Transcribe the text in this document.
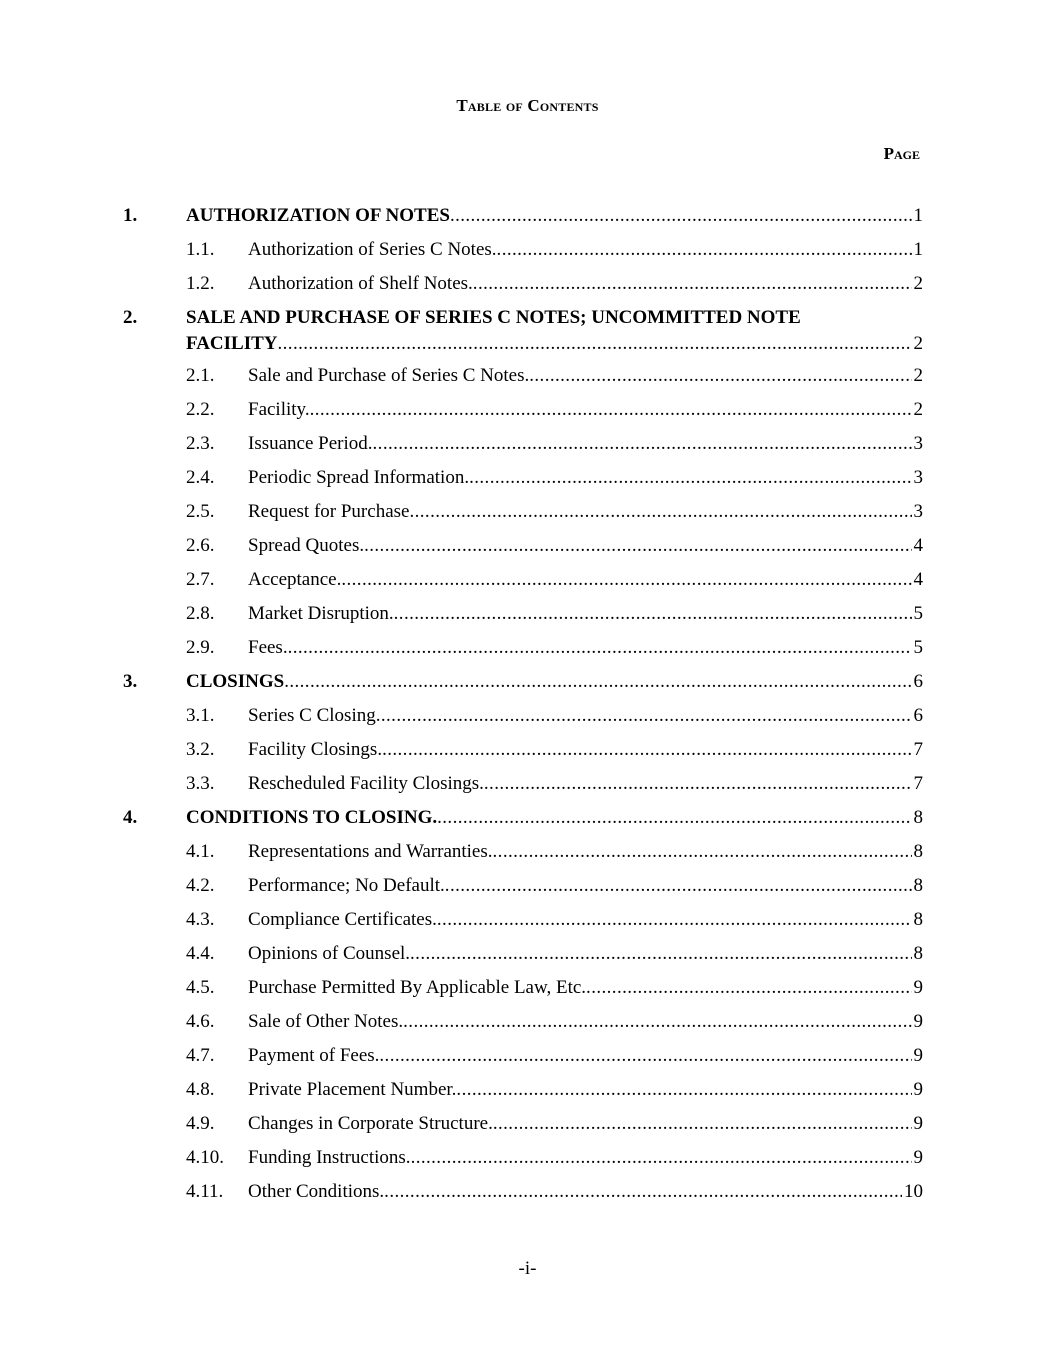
Table of Contents
Page
1.	AUTHORIZATION OF NOTES .....	1
1.1. Authorization of Series C Notes. .....	1
1.2. Authorization of Shelf Notes. .....	2
2.	SALE AND PURCHASE OF SERIES C NOTES; UNCOMMITTED NOTE
FACILITY .....	2
2.1. Sale and Purchase of Series C Notes. .....	2
2.2. Facility. .....	2
2.3. Issuance Period. .....	3
2.4. Periodic Spread Information. .....	3
2.5. Request for Purchase .....	3
2.6. Spread Quotes. .....	4
2.7. Acceptance. .....	4
2.8. Market Disruption. .....	5
2.9. Fees. .....	5
3.	CLOSINGS .....	6
3.1. Series C Closing .....	6
3.2. Facility Closings. .....	7
3.3. Rescheduled Facility Closings. .....	7
4.	CONDITIONS TO CLOSING. .....	8
4.1. Representations and Warranties. .....	8
4.2. Performance; No Default. .....	8
4.3. Compliance Certificates. .....	8
4.4. Opinions of Counsel. .....	8
4.5. Purchase Permitted By Applicable Law, Etc. .....	9
4.6. Sale of Other Notes. .....	9
4.7. Payment of Fees. .....	9
4.8. Private Placement Number. .....	9
4.9. Changes in Corporate Structure. .....	9
4.10. Funding Instructions. .....	9
4.11. Other Conditions. .....	10
-i-
